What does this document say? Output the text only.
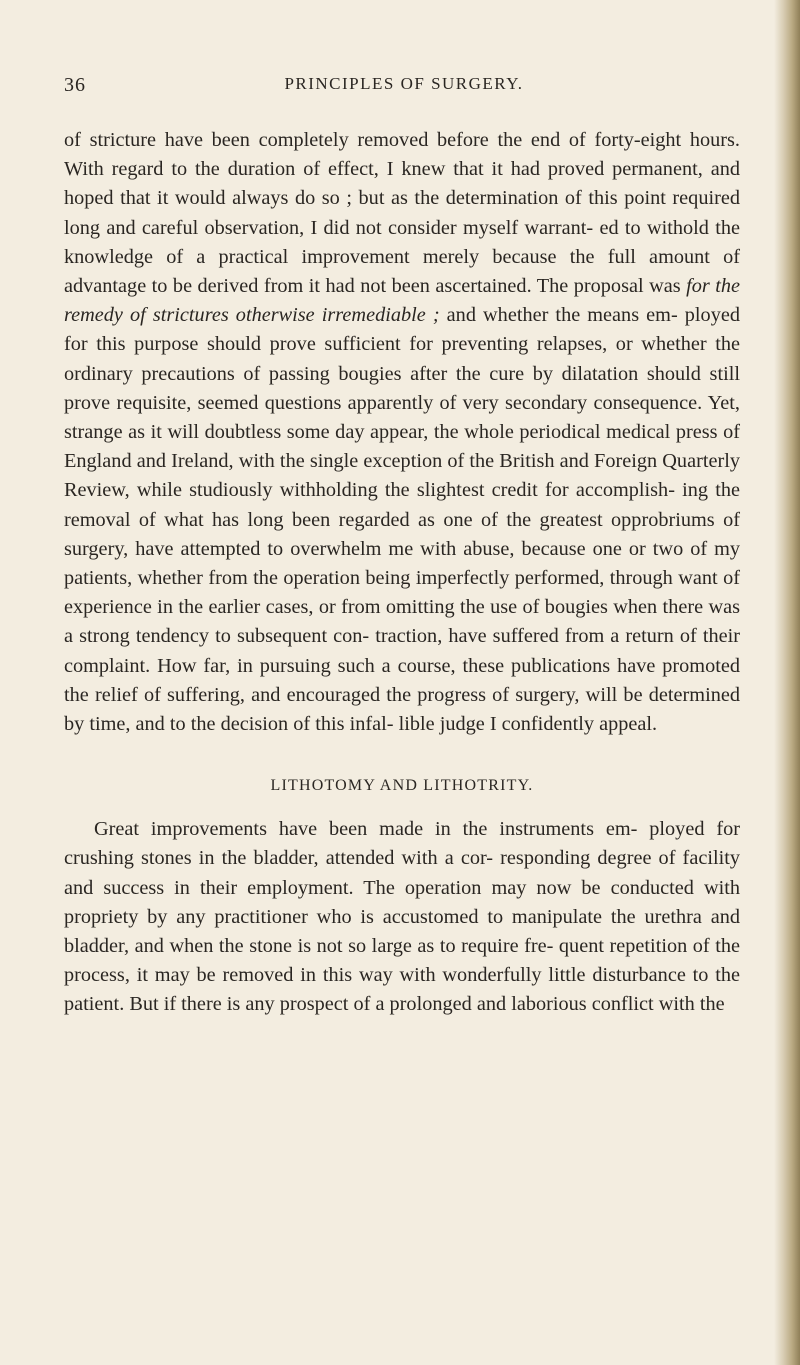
36	PRINCIPLES OF SURGERY.

of stricture have been completely removed before the end of forty-eight hours. With regard to the duration of effect, I knew that it had proved permanent, and hoped that it would always do so ; but as the determination of this point required long and careful observation, I did not consider myself warrant- ed to withold the knowledge of a practical improvement merely because the full amount of advantage to be derived from it had not been ascertained. The proposal was for the remedy of strictures otherwise irremediable ; and whether the means em- ployed for this purpose should prove sufficient for preventing relapses, or whether the ordinary precautions of passing bougies after the cure by dilatation should still prove requisite, seemed questions apparently of very secondary consequence. Yet, strange as it will doubtless some day appear, the whole periodical medical press of England and Ireland, with the single exception of the British and Foreign Quarterly Review, while studiously withholding the slightest credit for accomplish- ing the removal of what has long been regarded as one of the greatest opprobriums of surgery, have attempted to overwhelm me with abuse, because one or two of my patients, whether from the operation being imperfectly performed, through want of experience in the earlier cases, or from omitting the use of bougies when there was a strong tendency to subsequent con- traction, have suffered from a return of their complaint. How far, in pursuing such a course, these publications have promoted the relief of suffering, and encouraged the progress of surgery, will be determined by time, and to the decision of this infal- lible judge I confidently appeal.

LITHOTOMY AND LITHOTRITY.

Great improvements have been made in the instruments em- ployed for crushing stones in the bladder, attended with a cor- responding degree of facility and success in their employment. The operation may now be conducted with propriety by any practitioner who is accustomed to manipulate the urethra and bladder, and when the stone is not so large as to require fre- quent repetition of the process, it may be removed in this way with wonderfully little disturbance to the patient. But if there is any prospect of a prolonged and laborious conflict with the
